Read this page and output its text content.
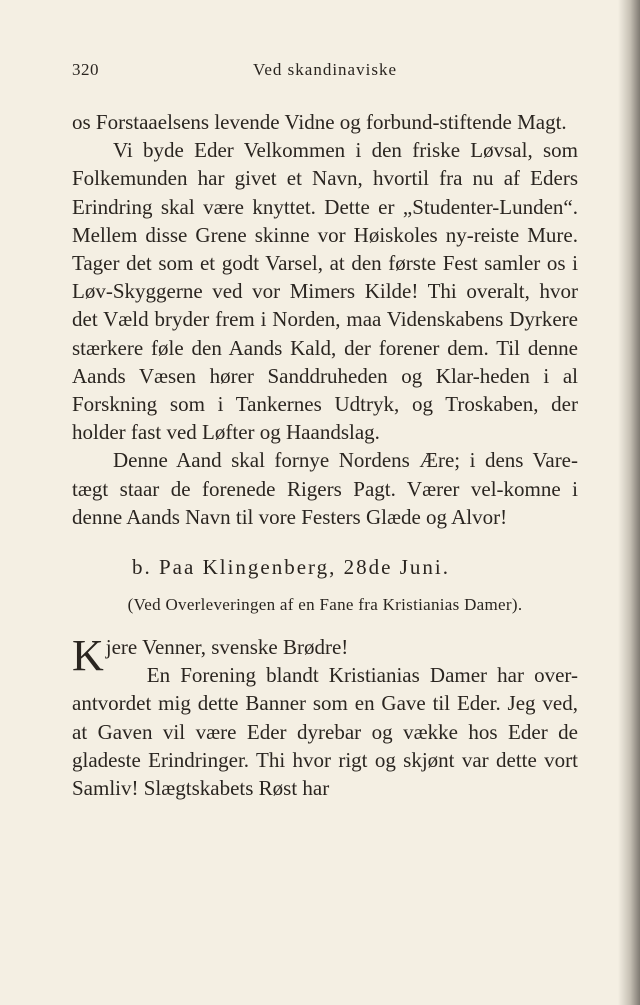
320	Ved skandinaviske

os Forstaaelsens levende Vidne og forbund-stiftende Magt.

Vi byde Eder Velkommen i den friske Løvsal, som Folkemunden har givet et Navn, hvortil fra nu af Eders Erindring skal være knyttet. Dette er „Studenter-Lunden“. Mellem disse Grene skinne vor Høiskoles ny-reiste Mure. Tager det som et godt Varsel, at den første Fest samler os i Løv-Skyggerne ved vor Mimers Kilde! Thi overalt, hvor det Væld bryder frem i Norden, maa Videnskabens Dyrkere stærkere føle den Aands Kald, der forener dem. Til denne Aands Væsen hører Sanddruheden og Klar-heden i al Forskning som i Tankernes Udtryk, og Troskaben, der holder fast ved Løfter og Haandslag.

Denne Aand skal fornye Nordens Ære; i dens Vare-tægt staar de forenede Rigers Pagt. Værer vel-komne i denne Aands Navn til vore Festers Glæde og Alvor!

b. Paa Klingenberg, 28de Juni.
(Ved Overleveringen af en Fane fra Kristianias Damer).

Kjere Venner, svenske Brødre!

En Forening blandt Kristianias Damer har over-antvordet mig dette Banner som en Gave til Eder. Jeg ved, at Gaven vil være Eder dyrebar og vække hos Eder de gladeste Erindringer. Thi hvor rigt og skjønt var dette vort Samliv! Slægtskabets Røst har
